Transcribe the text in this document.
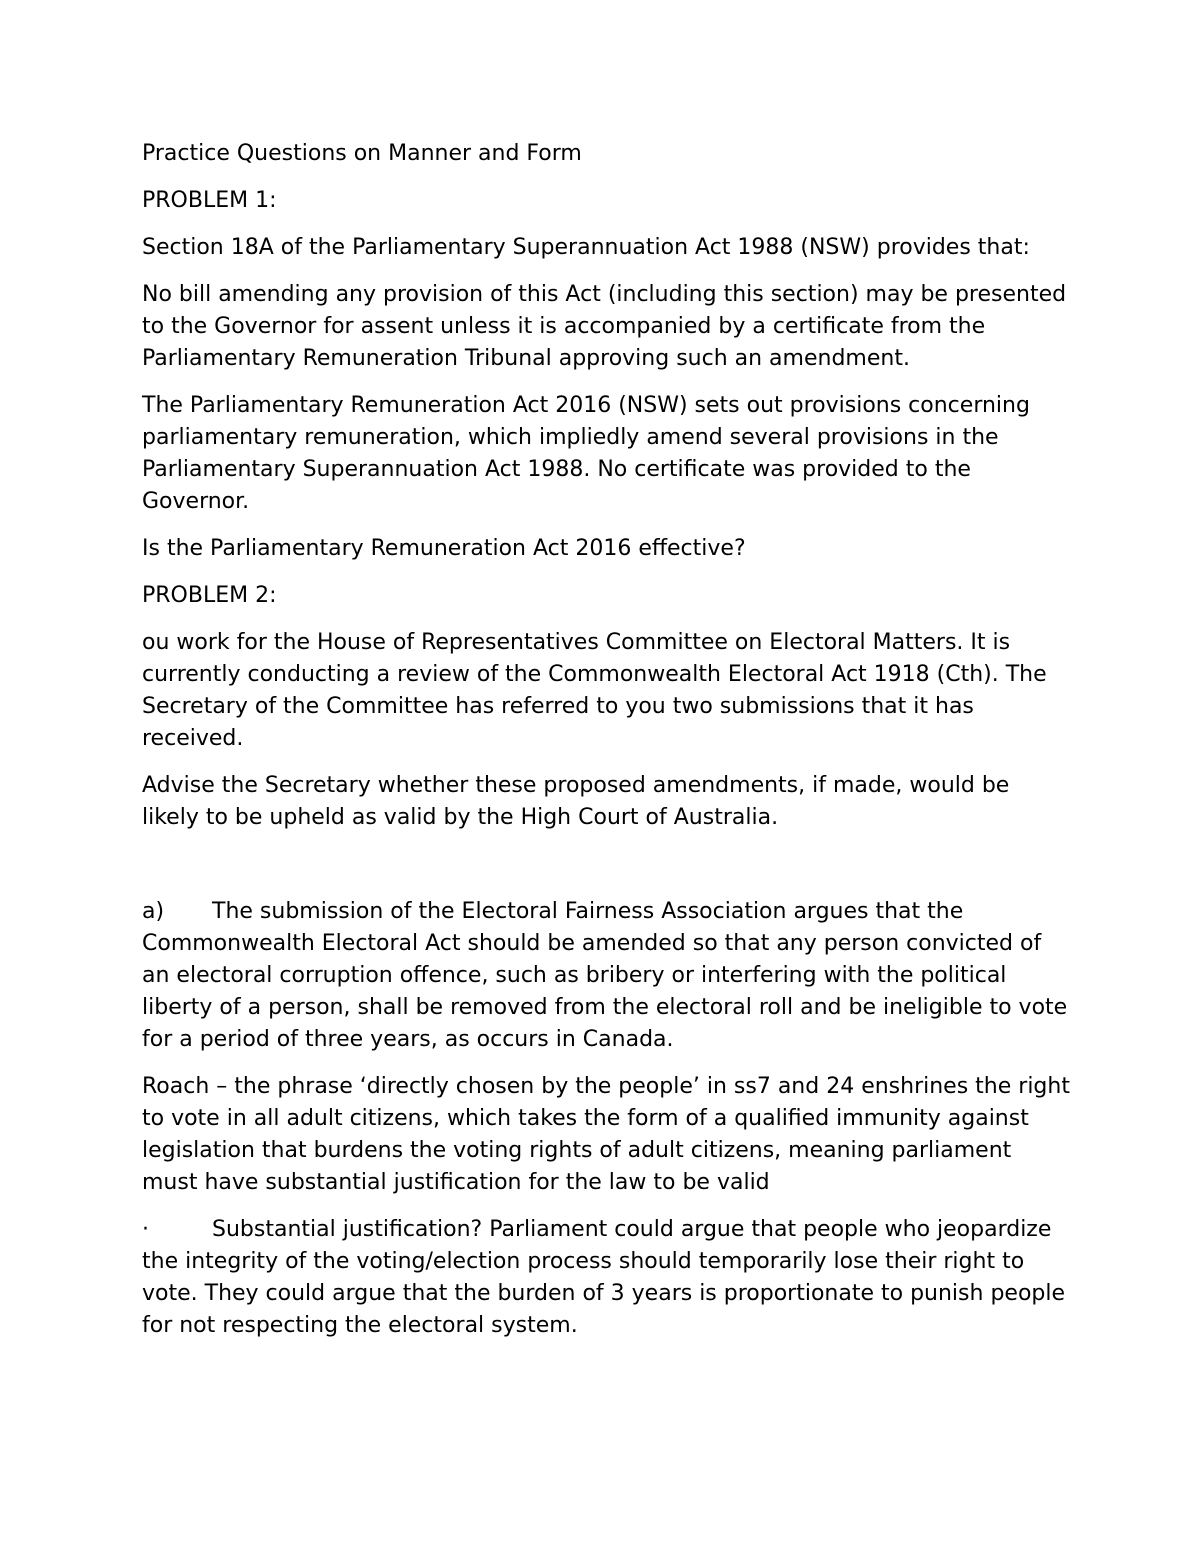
Practice Questions on Manner and Form

PROBLEM 1:

Section 18A of the Parliamentary Superannuation Act 1988 (NSW) provides that:

No bill amending any provision of this Act (including this section) may be presented to the Governor for assent unless it is accompanied by a certificate from the Parliamentary Remuneration Tribunal approving such an amendment.

The Parliamentary Remuneration Act 2016 (NSW) sets out provisions concerning parliamentary remuneration, which impliedly amend several provisions in the Parliamentary Superannuation Act 1988. No certificate was provided to the Governor.

Is the Parliamentary Remuneration Act 2016 effective?

PROBLEM 2:

ou work for the House of Representatives Committee on Electoral Matters. It is currently conducting a review of the Commonwealth Electoral Act 1918 (Cth). The Secretary of the Committee has referred to you two submissions that it has received.

Advise the Secretary whether these proposed amendments, if made, would be likely to be upheld as valid by the High Court of Australia.

a) The submission of the Electoral Fairness Association argues that the Commonwealth Electoral Act should be amended so that any person convicted of an electoral corruption offence, such as bribery or interfering with the political liberty of a person, shall be removed from the electoral roll and be ineligible to vote for a period of three years, as occurs in Canada.

Roach – the phrase ‘directly chosen by the people’ in ss7 and 24 enshrines the right to vote in all adult citizens, which takes the form of a qualified immunity against legislation that burdens the voting rights of adult citizens, meaning parliament must have substantial justification for the law to be valid

·	Substantial justification? Parliament could argue that people who jeopardize the integrity of the voting/election process should temporarily lose their right to vote. They could argue that the burden of 3 years is proportionate to punish people for not respecting the electoral system.
